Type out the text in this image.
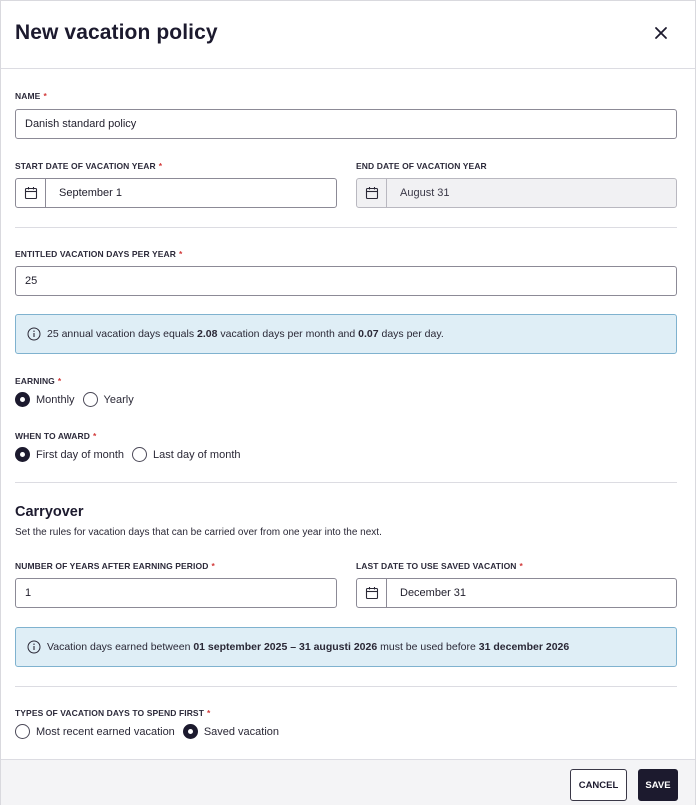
New vacation policy
NAME *
Danish standard policy
START DATE OF VACATION YEAR *
September 1
END DATE OF VACATION YEAR
August 31
ENTITLED VACATION DAYS PER YEAR *
25
25 annual vacation days equals 2.08 vacation days per month and 0.07 days per day.
EARNING *
Monthly	Yearly
WHEN TO AWARD *
First day of month	Last day of month
Carryover
Set the rules for vacation days that can be carried over from one year into the next.
NUMBER OF YEARS AFTER EARNING PERIOD *
1
LAST DATE TO USE SAVED VACATION *
December 31
Vacation days earned between 01 september 2025 – 31 augusti 2026 must be used before 31 december 2026
TYPES OF VACATION DAYS TO SPEND FIRST *
Most recent earned vacation	Saved vacation
CANCEL	SAVE
